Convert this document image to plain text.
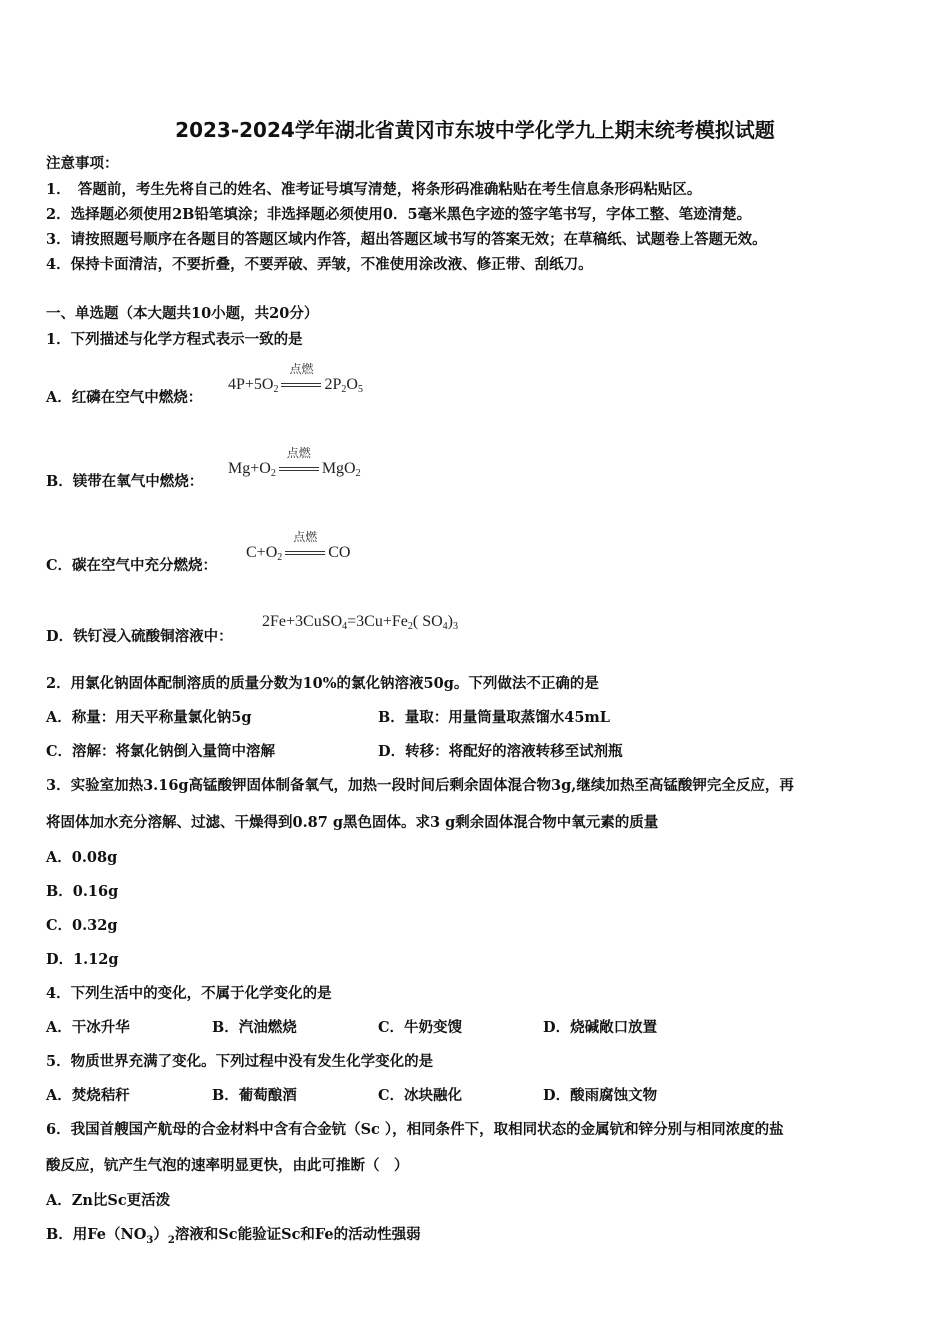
2023-2024学年湖北省黄冈市东坡中学化学九上期末统考模拟试题
注意事项：
1．　答题前，考生先将自己的姓名、准考证号填写清楚，将条形码准确粘贴在考生信息条形码粘贴区。
2．选择题必须使用2B铅笔填涂；非选择题必须使用0．5毫米黑色字迹的签字笔书写，字体工整、笔迹清楚。
3．请按照题号顺序在各题目的答题区域内作答，超出答题区域书写的答案无效；在草稿纸、试题卷上答题无效。
4．保持卡面清洁，不要折叠，不要弄破、弄皱，不准使用涂改液、修正带、刮纸刀。
一、单选题（本大题共10小题，共20分）
1．下列描述与化学方程式表示一致的是
A．红磷在空气中燃烧：
$4P+5O_2$
点燃
$2P_2O_5$
B．镁带在氧气中燃烧：
$Mg+O_2$
点燃
MgO$_2$
C．碳在空气中充分燃烧：
$C+O_2$
点燃
CO
D．铁钉浸入硫酸铜溶液中：
$2Fe+3CuSO_4=3Cu+Fe_2$( $SO_4)_3$
2．用氯化钠固体配制溶质的质量分数为10%的氯化钠溶液50g。下列做法不正确的是
A．称量：用天平称量氯化钠5g	B．量取：用量筒量取蒸馏水45mL
C．溶解：将氯化钠倒入量筒中溶解	D．转移：将配好的溶液转移至试剂瓶
3．实验室加热3.16g高锰酸钾固体制备氧气，加热一段时间后剩余固体混合物3g,继续加热至高锰酸钾完全反应，再
将固体加水充分溶解、过滤、干燥得到0.87 g黑色固体。求3 g剩余固体混合物中氧元素的质量
A．0.08g
B．0.16g
C．0.32g
D．1.12g
4．下列生活中的变化，不属于化学变化的是
A．干冰升华	B．汽油燃烧	C．牛奶变馊	D．烧碱敞口放置
5．物质世界充满了变化。下列过程中没有发生化学变化的是
A．焚烧秸秆	B．葡萄酿酒	C．冰块融化	D．酸雨腐蚀文物
6．我国首艘国产航母的合金材料中含有合金钪（Sc ），相同条件下，取相同状态的金属钪和锌分别与相同浓度的盐
酸反应，钪产生气泡的速率明显更快，由此可推断（　）
A．Zn比Sc更活泼
B．用$Fe(NO_3)_2$溶液和Sc能验证Sc和Fe的活动性强弱
